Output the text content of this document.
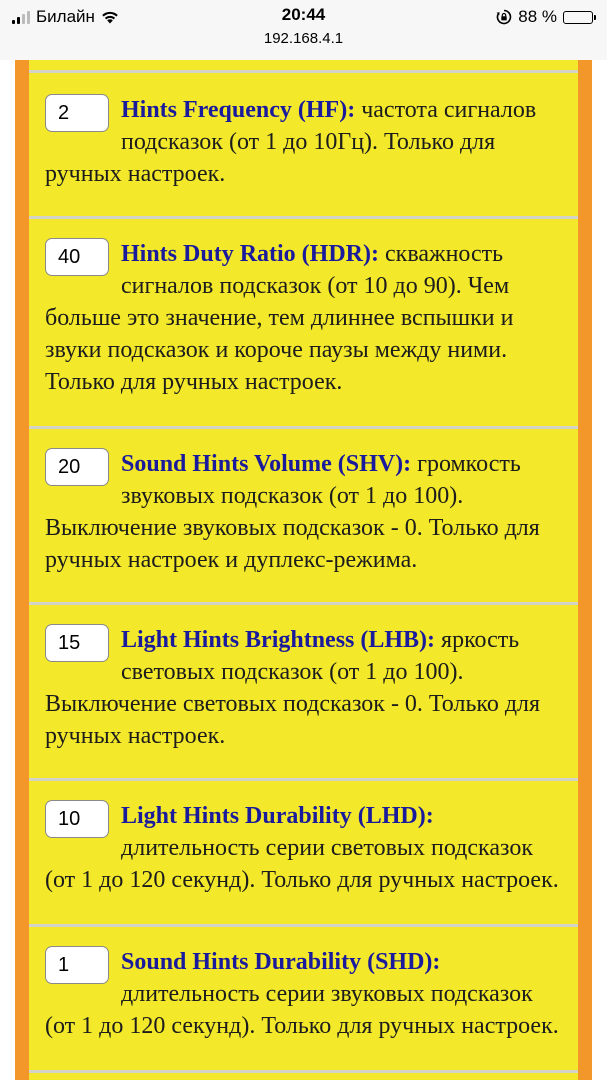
Билайн	20:44
192.168.4.1
88 %
2

Hints Frequency (HF): частота сигналов подсказок (от 1 до 10Гц). Только для ручных настроек.

40

Hints Duty Ratio (HDR): скважность сигналов подсказок (от 10 до 90). Чем больше это значение, тем длиннее вспышки и звуки подсказок и короче паузы между ними. Только для ручных настроек.

20

Sound Hints Volume (SHV): громкость звуковых подсказок (от 1 до 100). Выключение звуковых подсказок - 0. Только для ручных настроек и дуплекс-режима.

15

Light Hints Brightness (LHB): яркость световых подсказок (от 1 до 100). Выключение световых подсказок - 0. Только для ручных настроек.

10

Light Hints Durability (LHD): длительность серии световых подсказок (от 1 до 120 секунд). Только для ручных настроек.

1

Sound Hints Durability (SHD): длительность серии звуковых подсказок (от 1 до 120 секунд). Только для ручных настроек.
